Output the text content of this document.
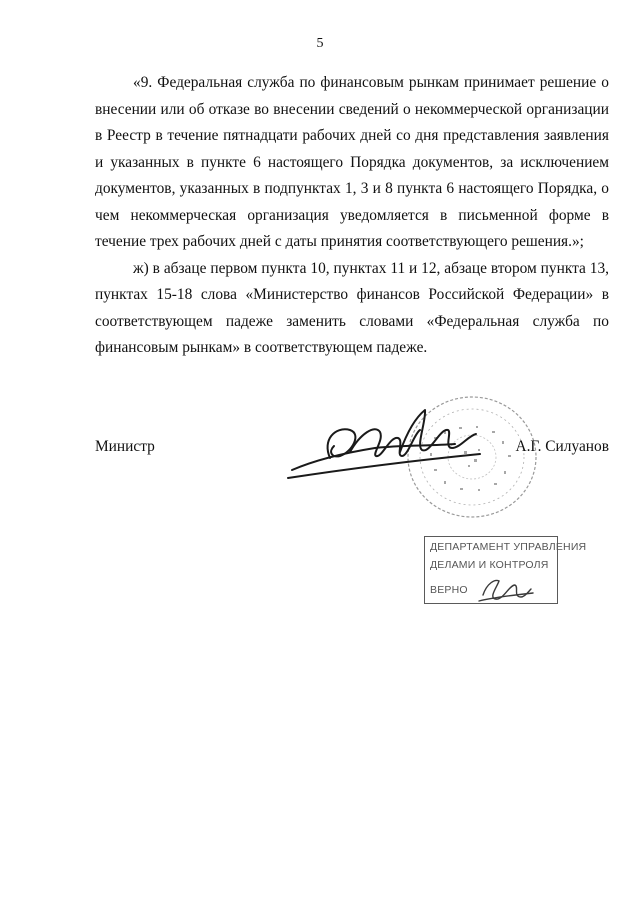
5

«9. Федеральная служба по финансовым рынкам принимает решение о внесении или об отказе во внесении сведений о некоммерческой организации в Реестр в течение пятнадцати рабочих дней со дня представления заявления и указанных в пункте 6 настоящего Порядка документов, за исключением документов, указанных в подпунктах 1, 3 и 8 пункта 6 настоящего Порядка, о чем некоммерческая организация уведомляется в письменной форме в течение трех рабочих дней с даты принятия соответствующего решения.»;

ж) в абзаце первом пункта 10, пунктах 11 и 12, абзаце втором пункта 13, пунктах 15-18 слова «Министерство финансов Российской Федерации» в соответствующем падеже заменить словами «Федеральная служба по финансовым рынкам» в соответствующем падеже.

Министр	А.Г. Силуанов
ДЕПАРТАМЕНТ УПРАВЛЕНИЯ
ДЕЛАМИ И КОНТРОЛЯ
ВЕРНО
